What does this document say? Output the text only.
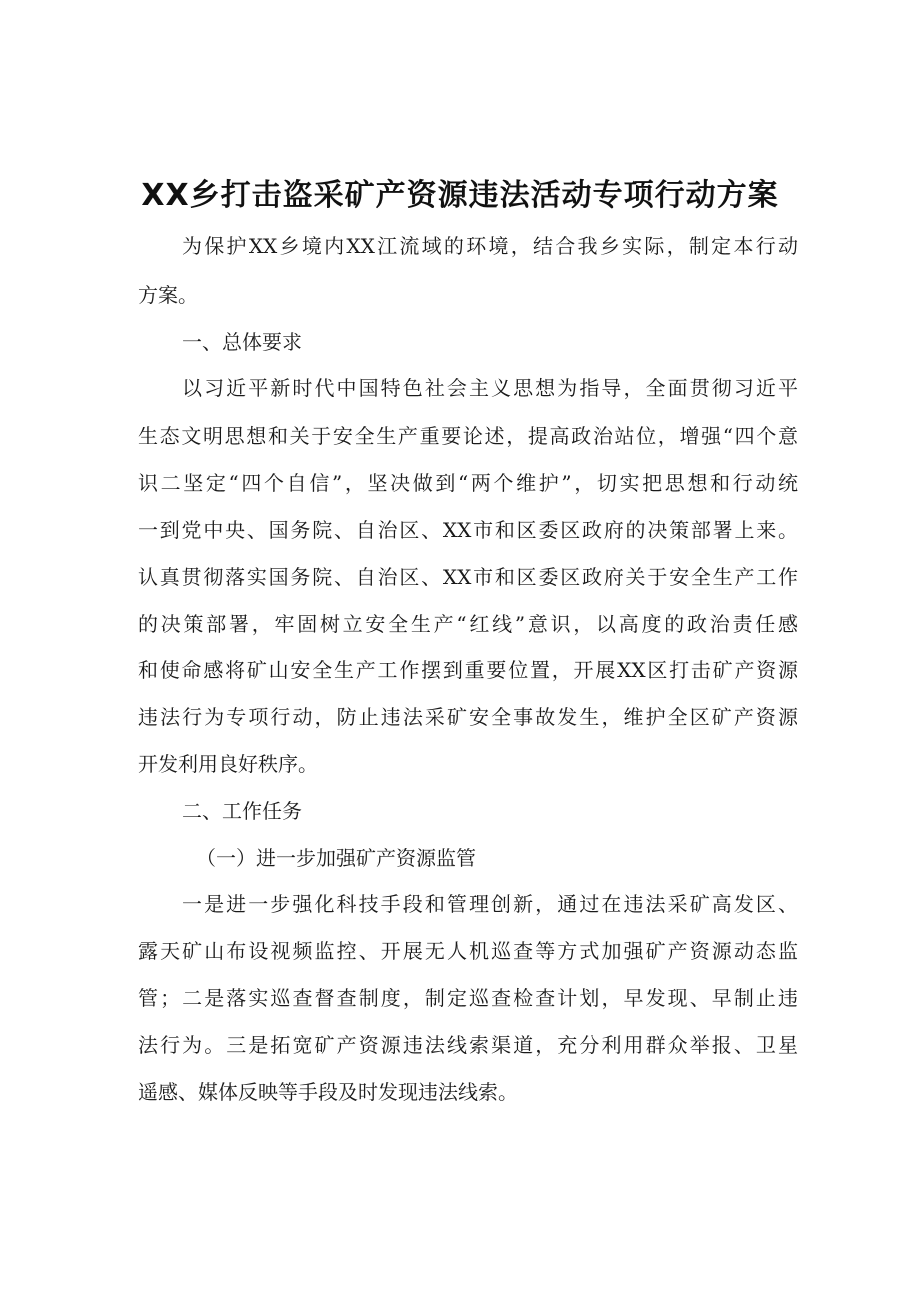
XX乡打击盗采矿产资源违法活动专项行动方案

为保护XX乡境内XX江流域的环境，结合我乡实际，制定本行动

方案。

一、总体要求

以习近平新时代中国特色社会主义思想为指导，全面贯彻习近平

生态文明思想和关于安全生产重要论述，提高政治站位，增强“四个意

识二坚定“四个自信”，坚决做到“两个维护”，切实把思想和行动统

一到党中央、国务院、自治区、XX市和区委区政府的决策部署上来。

认真贯彻落实国务院、自治区、XX市和区委区政府关于安全生产工作

的决策部署，牢固树立安全生产“红线”意识，以高度的政治责任感

和使命感将矿山安全生产工作摆到重要位置，开展XX区打击矿产资源

违法行为专项行动，防止违法采矿安全事故发生，维护全区矿产资源

开发利用良好秩序。

二、工作任务

（一）进一步加强矿产资源监管

一是进一步强化科技手段和管理创新，通过在违法采矿高发区、

露天矿山布设视频监控、开展无人机巡查等方式加强矿产资源动态监

管；二是落实巡查督查制度，制定巡查检查计划，早发现、早制止违

法行为。三是拓宽矿产资源违法线索渠道，充分利用群众举报、卫星

遥感、媒体反映等手段及时发现违法线索。
